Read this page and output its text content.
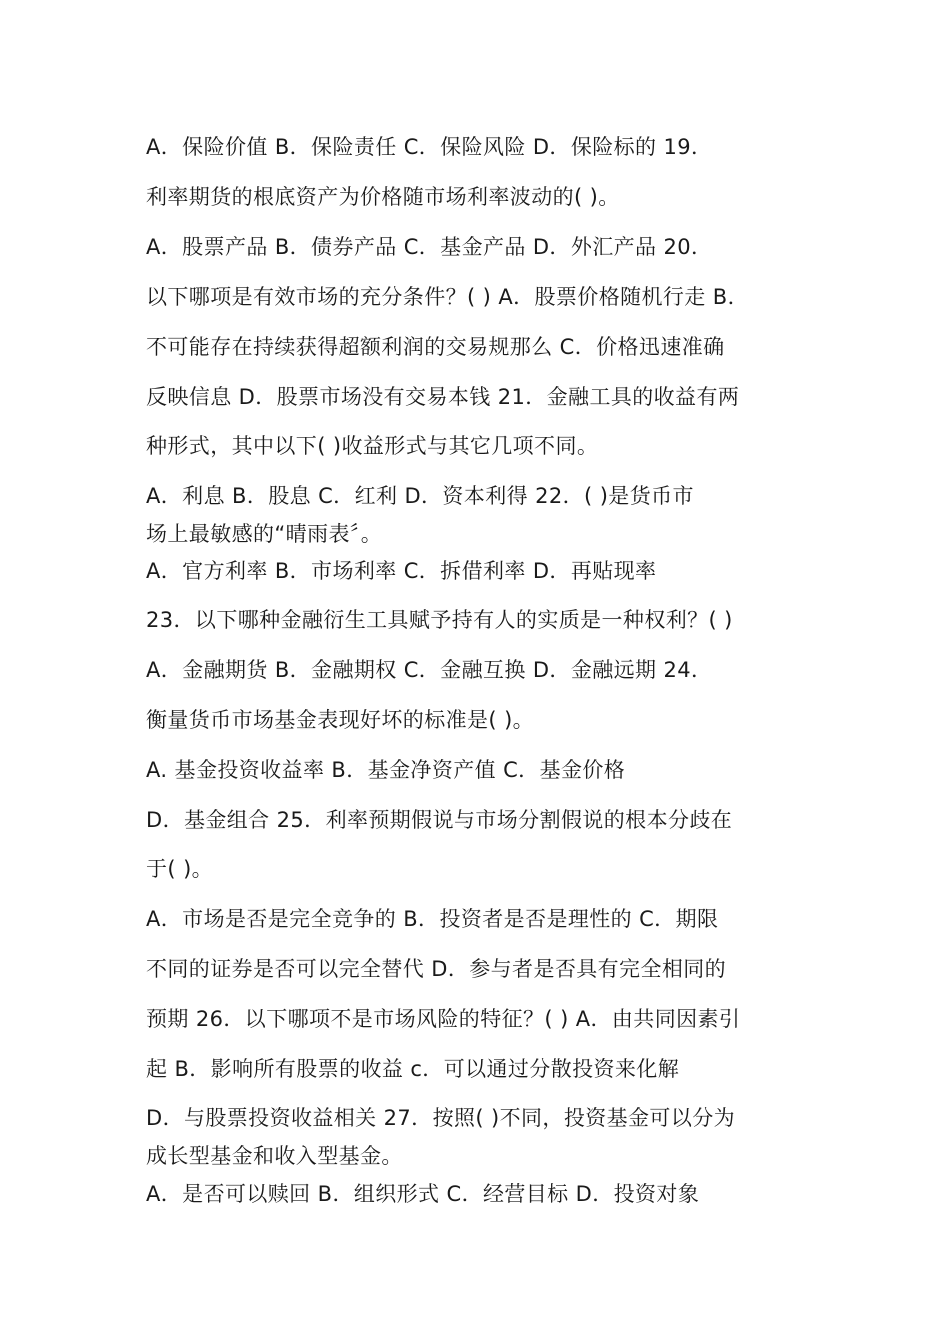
A．保险价值 B．保险责任 C．保险风险 D．保险标的 19．
利率期货的根底资产为价格随市场利率波动的( )。
A．股票产品 B．债券产品 C．基金产品 D．外汇产品 20．
以下哪项是有效市场的充分条件？( ) A．股票价格随机行走 B．
不可能存在持续获得超额利润的交易规那么 C．价格迅速准确
反映信息 D．股票市场没有交易本钱 21．金融工具的收益有两
种形式，其中以下( )收益形式与其它几项不同。
A．利息 B．股息 C．红利 D．资本利得 22．( )是货币市
场上最敏感的“晴雨表〞。
A．官方利率 B．市场利率 C．拆借利率 D．再贴现率
23．以下哪种金融衍生工具赋予持有人的实质是一种权利？( )
A．金融期货 B．金融期权 C．金融互换 D．金融远期 24．
衡量货币市场基金表现好坏的标准是( )。
A. 基金投资收益率 B．基金净资产值 C．基金价格
D．基金组合 25．利率预期假说与市场分割假说的根本分歧在
于( )。
A．市场是否是完全竞争的 B．投资者是否是理性的 C．期限
不同的证券是否可以完全替代 D．参与者是否具有完全相同的
预期 26．以下哪项不是市场风险的特征？( ) A．由共同因素引
起 B．影响所有股票的收益 c．可以通过分散投资来化解
D．与股票投资收益相关 27．按照( )不同，投资基金可以分为
成长型基金和收入型基金。
A．是否可以赎回 B．组织形式 C．经营目标 D．投资对象
